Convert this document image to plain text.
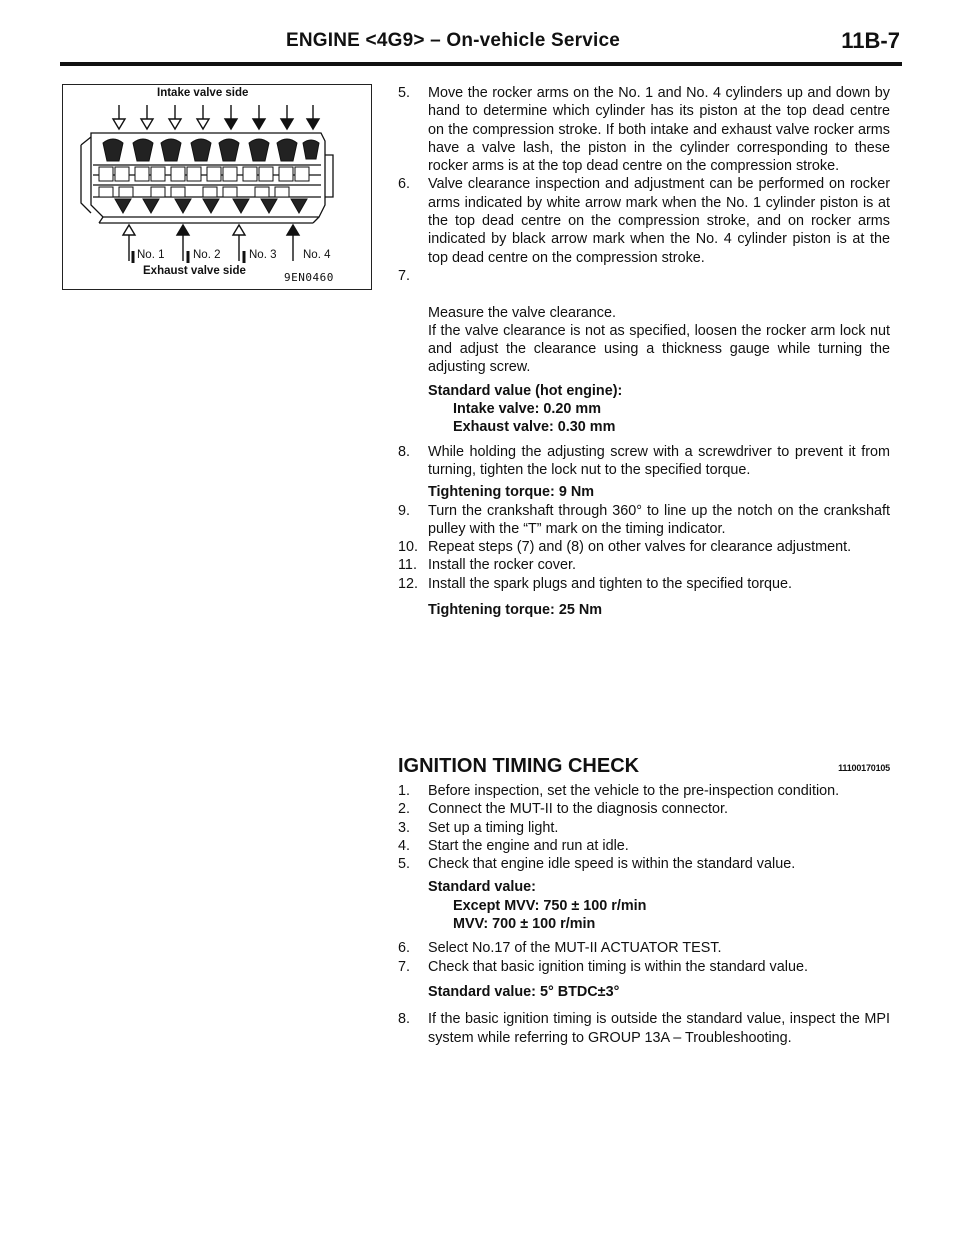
ENGINE <4G9> – On-vehicle Service	11B-7
Intake valve side
No. 1 No. 2 No. 3 No. 4
Exhaust valve side	9EN0460
5. Move the rocker arms on the No. 1 and No. 4 cylinders up and down by hand to determine which cylinder has its piston at the top dead centre on the compression stroke. If both intake and exhaust valve rocker arms have a valve lash, the piston in the cylinder corresponding to these rocker arms is at the top dead centre on the compression stroke.
6. Valve clearance inspection and adjustment can be performed on rocker arms indicated by white arrow mark when the No. 1 cylinder piston is at the top dead centre on the compression stroke, and on rocker arms indicated by black arrow mark when the No. 4 cylinder piston is at the top dead centre on the compression stroke.

7.

Measure the valve clearance.
If the valve clearance is not as specified, loosen the rocker arm lock nut and adjust the clearance using a thickness gauge while turning the adjusting screw.

Standard value (hot engine):
Intake valve: 0.20 mm
Exhaust valve: 0.30 mm
8. While holding the adjusting screw with a screwdriver to prevent it from turning, tighten the lock nut to the specified torque.
Tightening torque: 9 Nm
9. Turn the crankshaft through 360° to line up the notch on the crankshaft pulley with the “T” mark on the timing indicator.
10. Repeat steps (7) and (8) on other valves for clearance adjustment.
11. Install the rocker cover.
12. Install the spark plugs and tighten to the specified torque.
Tightening torque: 25 Nm
IGNITION TIMING CHECK	11100170105
1. Before inspection, set the vehicle to the pre-inspection condition.
2. Connect the MUT-II to the diagnosis connector.
3. Set up a timing light.
4. Start the engine and run at idle.
5. Check that engine idle speed is within the standard value.
Standard value:
Except MVV: 750 ± 100 r/min
MVV: 700 ± 100 r/min
6. Select No.17 of the MUT-II ACTUATOR TEST.
7. Check that basic ignition timing is within the standard value.
Standard value: 5° BTDC±3°
8. If the basic ignition timing is outside the standard value, inspect the MPI system while referring to GROUP 13A – Troubleshooting.
